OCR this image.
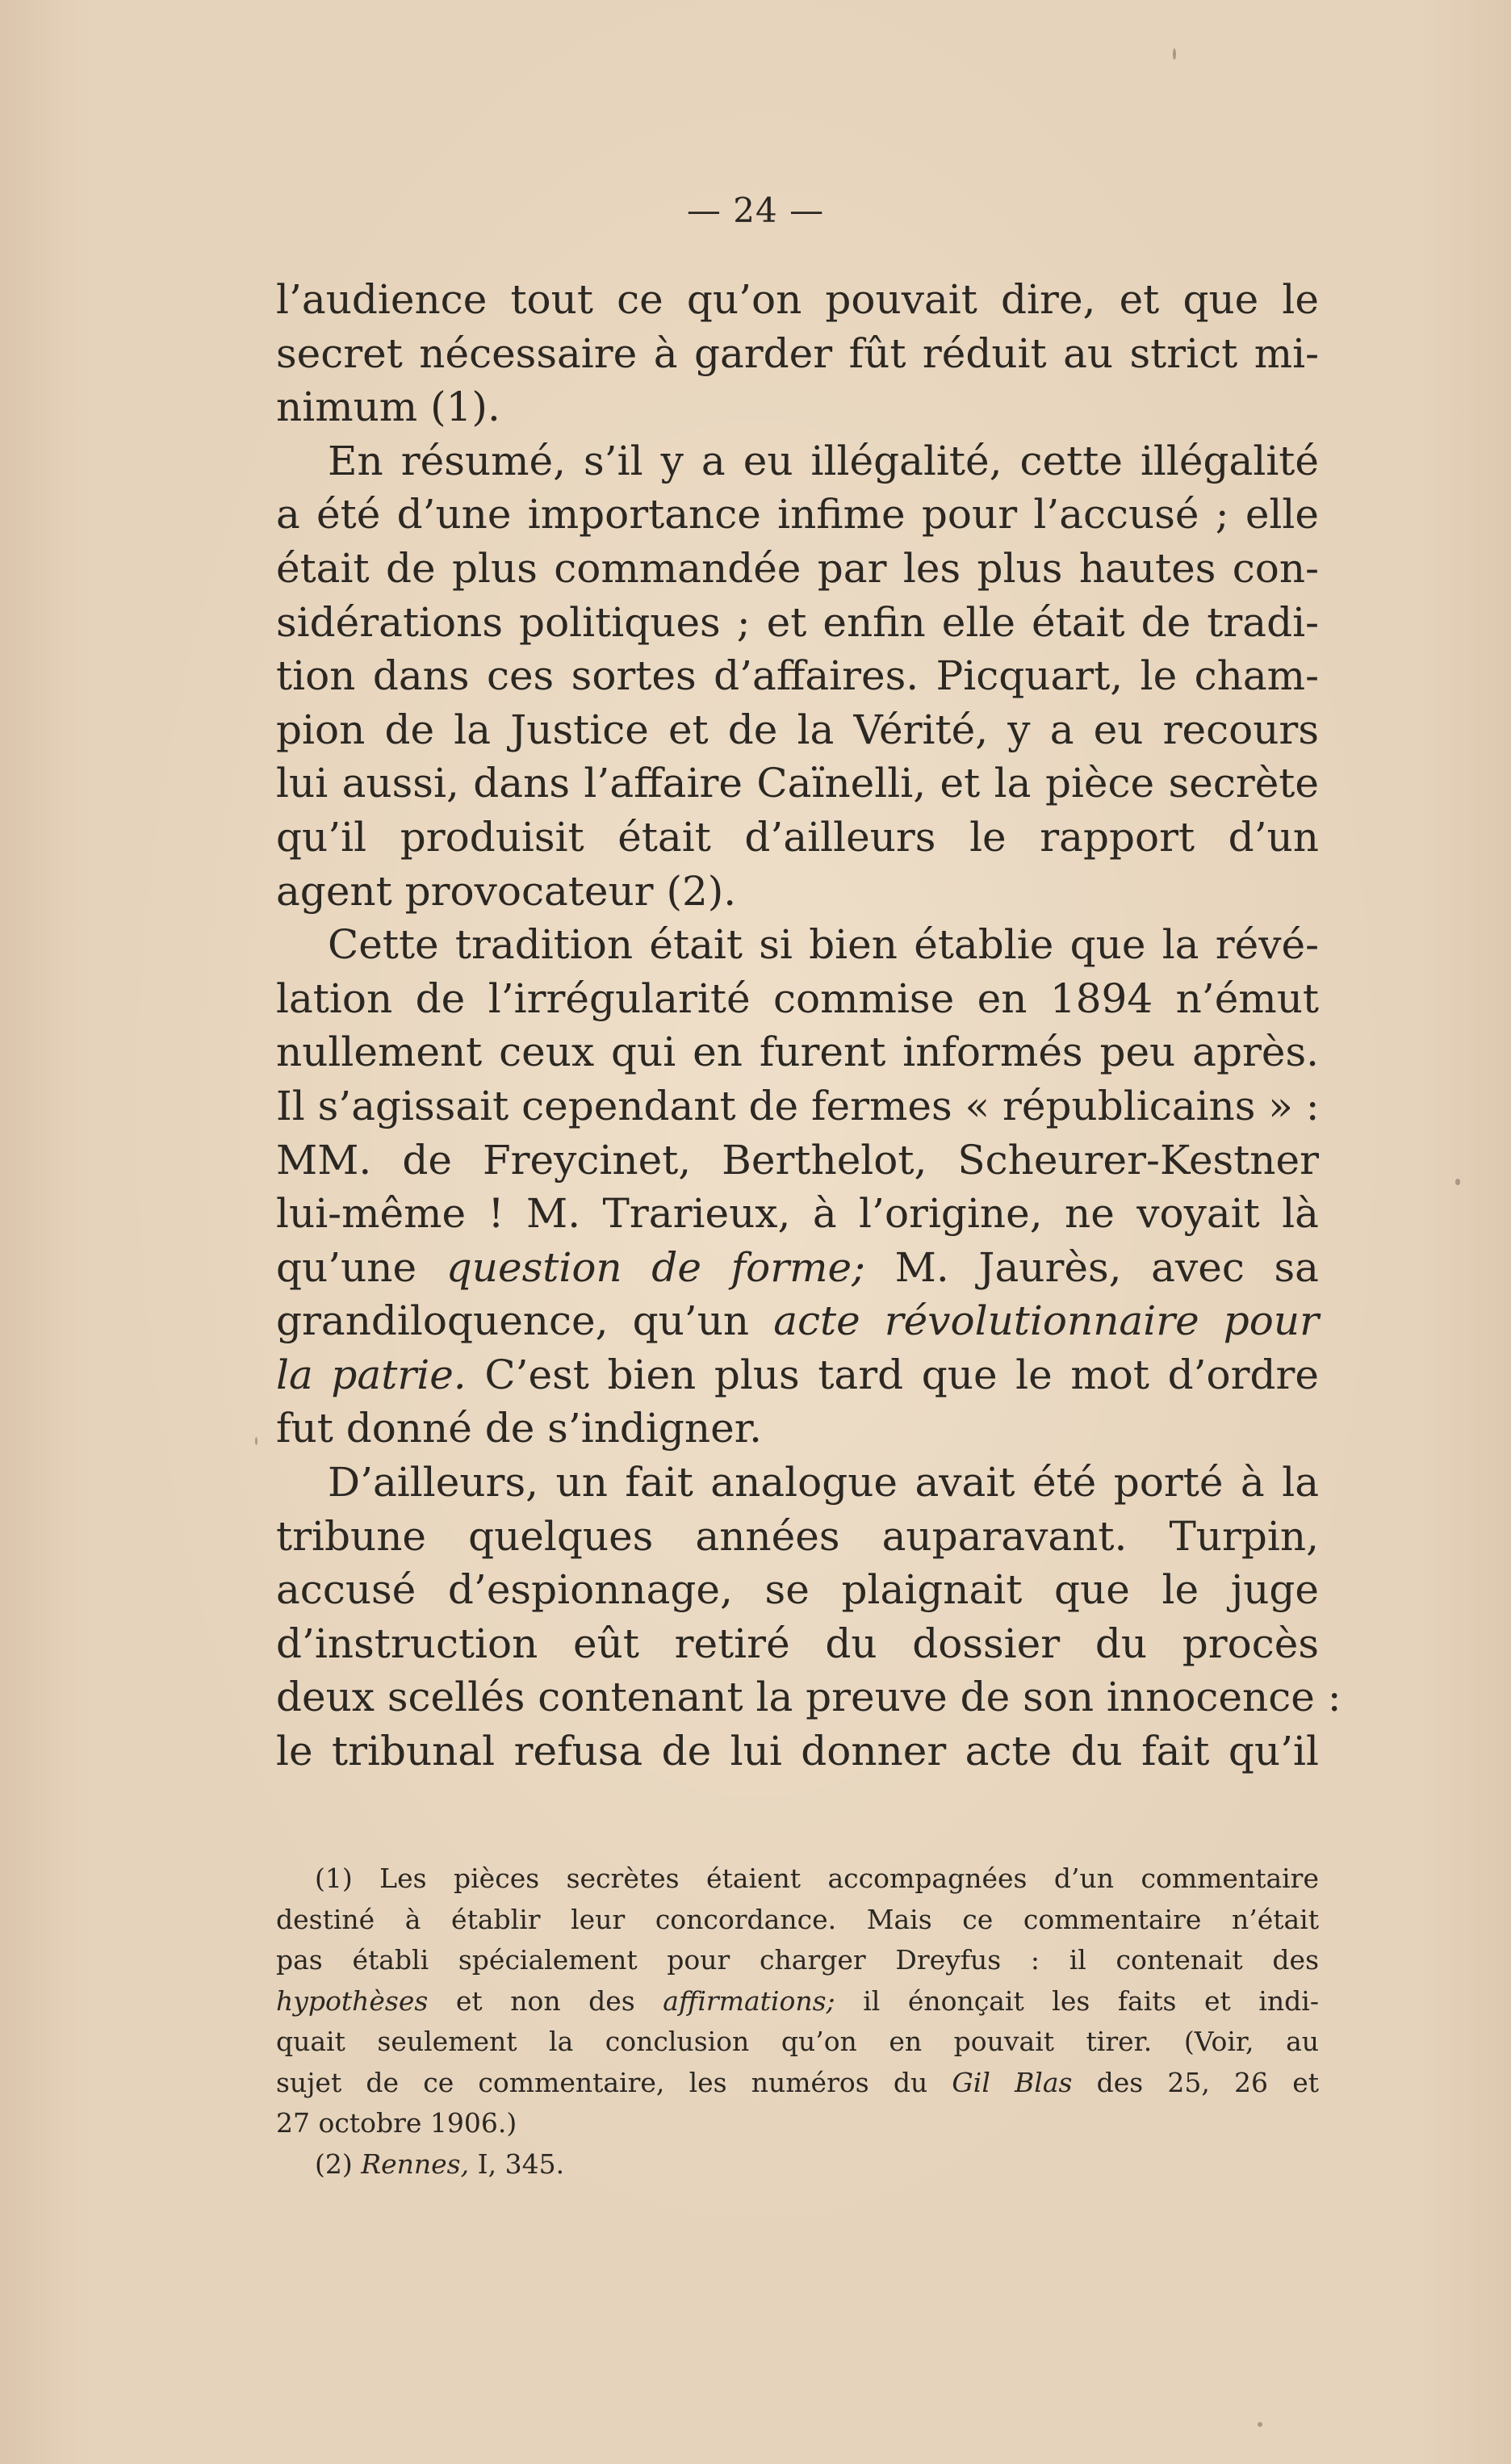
— 24 —
l’audience tout ce qu’on pouvait dire, et que le
secret nécessaire à garder fût réduit au strict mi-
nimum (1).
En résumé, s’il y a eu illégalité, cette illégalité
a été d’une importance infime pour l’accusé ; elle
était de plus commandée par les plus hautes con-
sidérations politiques ; et enfin elle était de tradi-
tion dans ces sortes d’affaires. Picquart, le cham-
pion de la Justice et de la Vérité, y a eu recours
lui aussi, dans l’affaire Caïnelli, et la pièce secrète
qu’il produisit était d’ailleurs le rapport d’un
agent provocateur (2).
Cette tradition était si bien établie que la révé-
lation de l’irrégularité commise en 1894 n’émut
nullement ceux qui en furent informés peu après.
Il s’agissait cependant de fermes « républicains » :
MM. de Freycinet, Berthelot, Scheurer-Kestner
lui-même ! M. Trarieux, à l’origine, ne voyait là
qu’une question de forme; M. Jaurès, avec sa
grandiloquence, qu’un acte révolutionnaire pour
la patrie. C’est bien plus tard que le mot d’ordre
fut donné de s’indigner.
D’ailleurs, un fait analogue avait été porté à la
tribune quelques années auparavant. Turpin,
accusé d’espionnage, se plaignait que le juge
d’instruction eût retiré du dossier du procès
deux scellés contenant la preuve de son innocence :
le tribunal refusa de lui donner acte du fait qu’il
(1) Les pièces secrètes étaient accompagnées d’un commentaire
destiné à établir leur concordance. Mais ce commentaire n’était
pas établi spécialement pour charger Dreyfus : il contenait des
hypothèses et non des affirmations; il énonçait les faits et indi-
quait seulement la conclusion qu’on en pouvait tirer. (Voir, au
sujet de ce commentaire, les numéros du Gil Blas des 25, 26 et
27 octobre 1906.)
(2) Rennes, I, 345.
